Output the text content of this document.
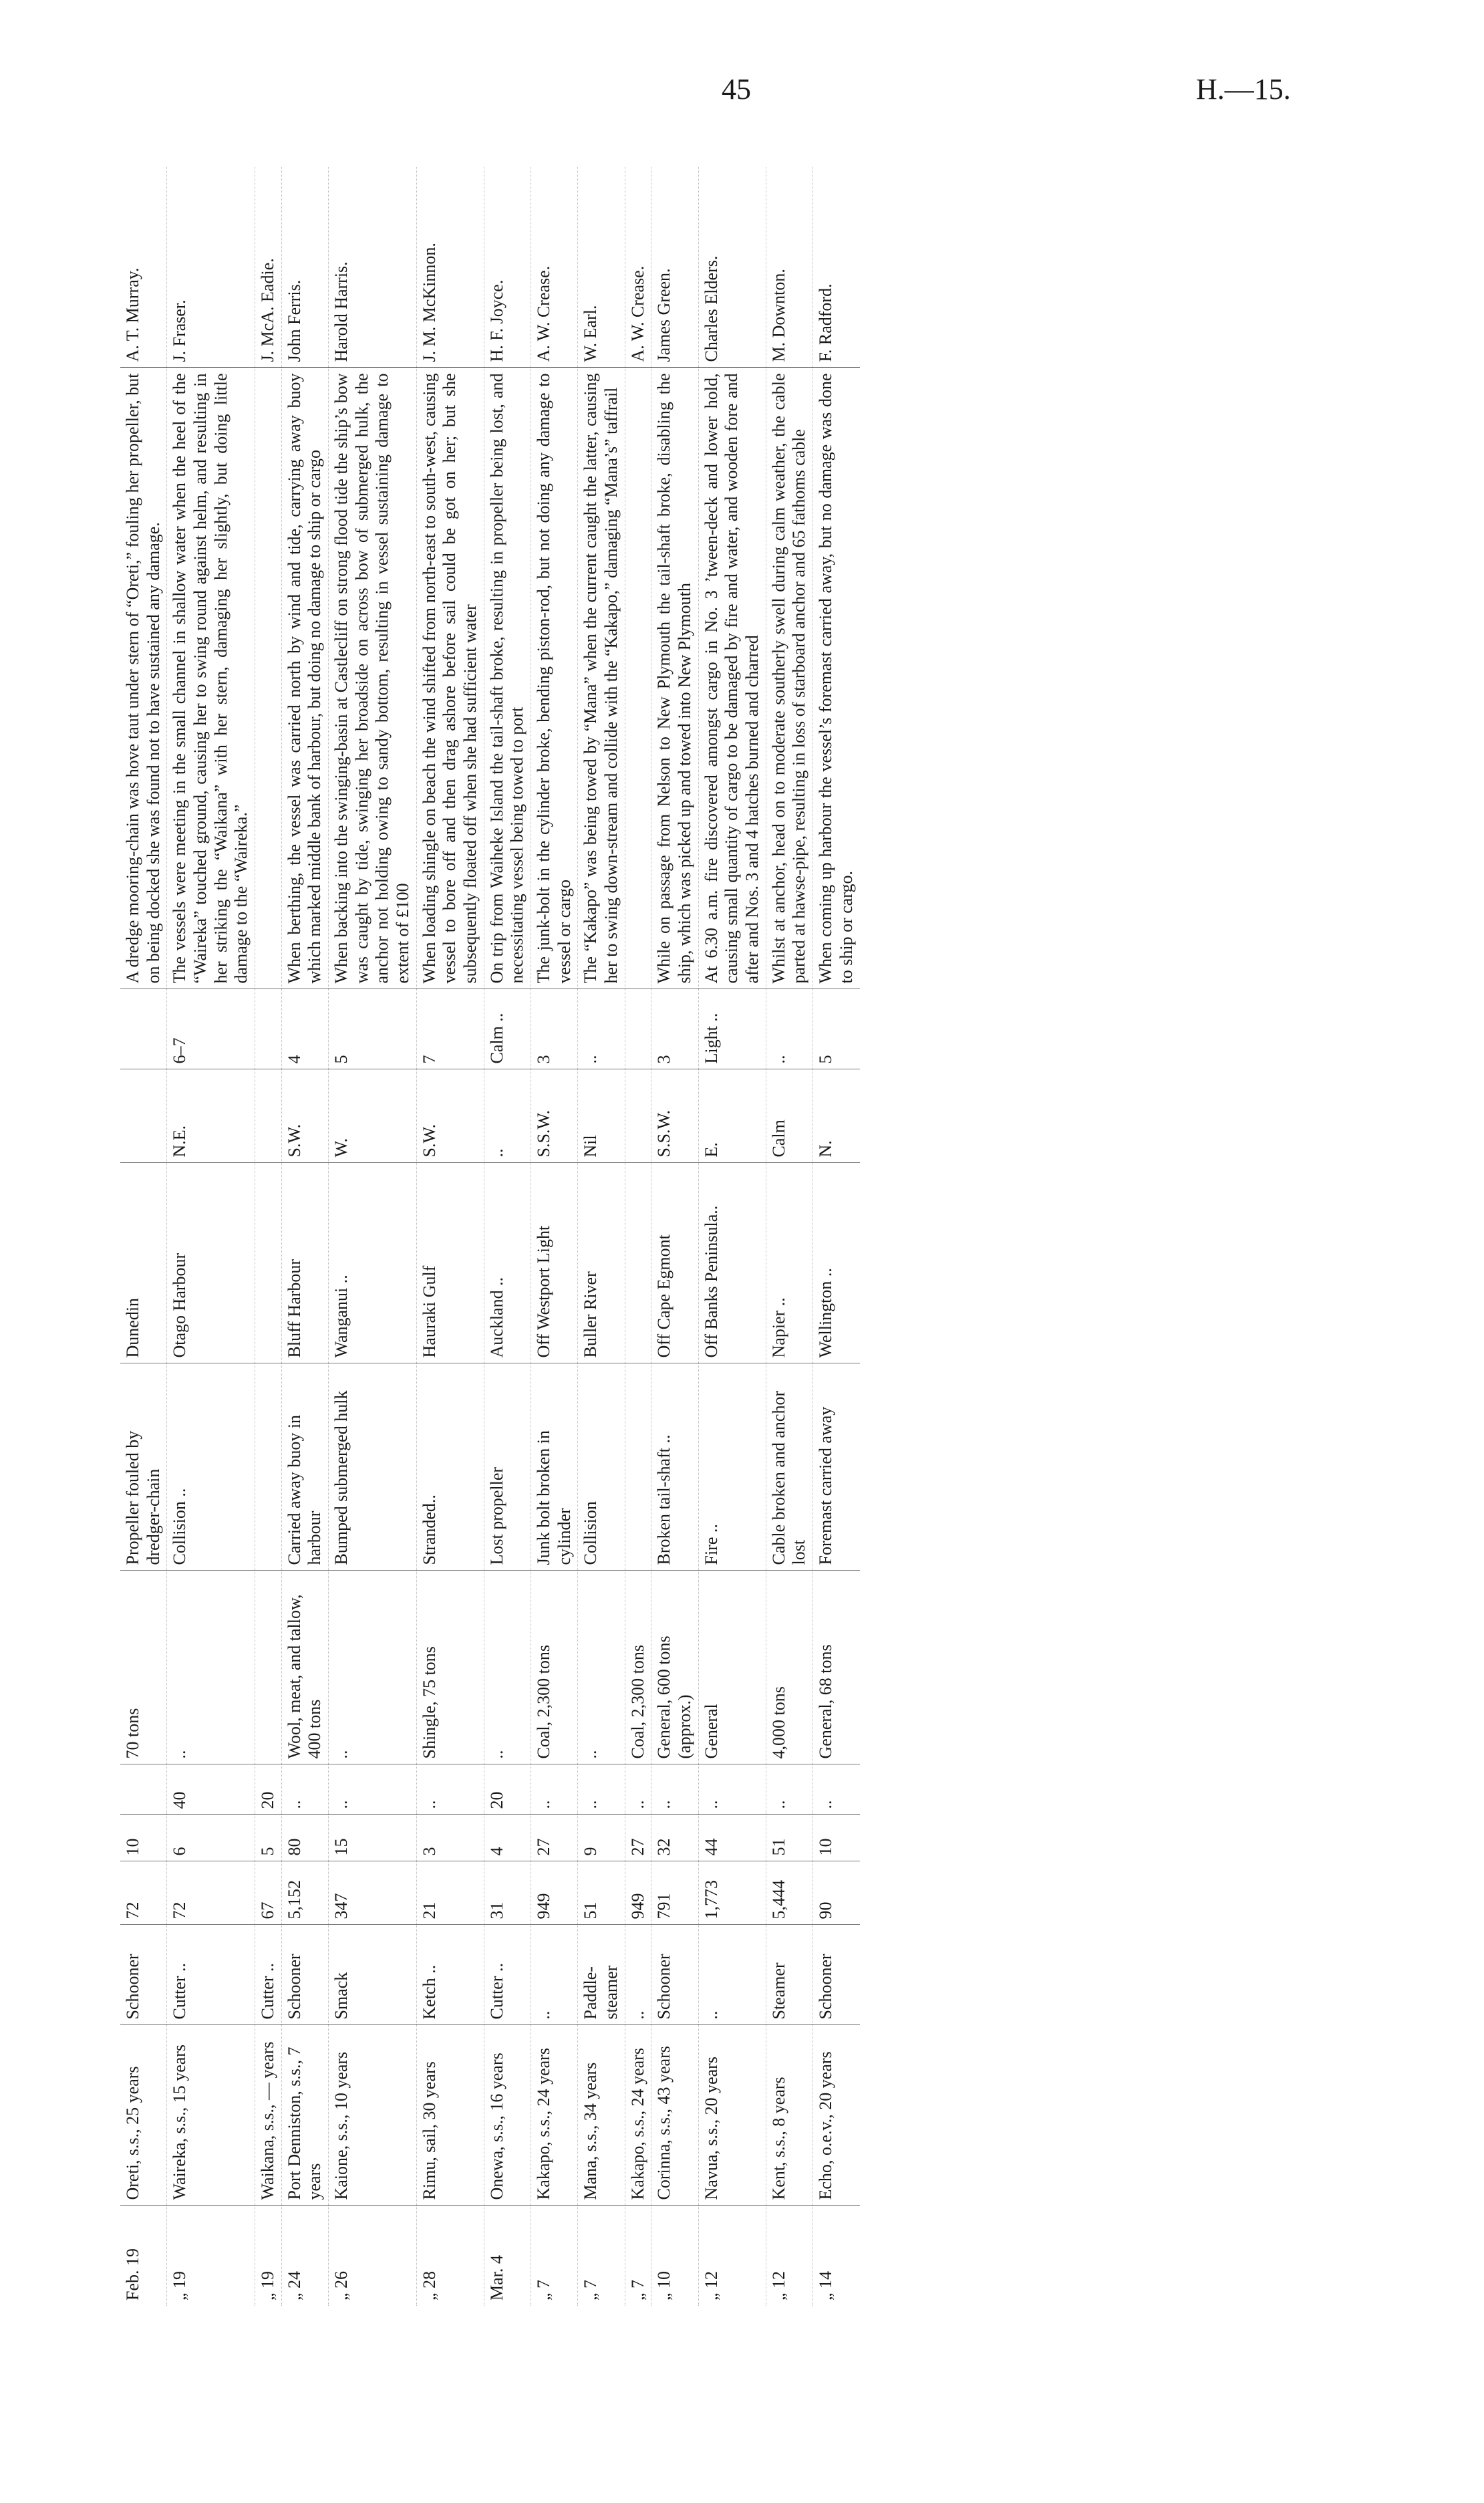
45	H.—15.
Feb. 19	Oreti, s.s., 25 years	Schooner	72	10		70 tons	Propeller fouled by dredger-chain	Dunedin			A dredge mooring-chain was hove taut under stern of “Oreti,” fouling her propeller, but on being docked she was found not to have sustained any damage.	A. T. Murray.
„ 19	Waireka, s.s., 15 years	Cutter ..	72	6	40	..	Collision ..	Otago Harbour	N.E.	6–7	The vessels were meeting in the small channel in shallow water when the heel of the “Waireka” touched ground, causing her to swing round against helm, and resulting in her striking the “Waikana” with her stern, damaging her slightly, but doing little damage to the “Waireka.”	J. Fraser.
„ 19	Waikana, s.s., — years	Cutter ..	67	5	20							J. McA. Eadie.
„ 24	Port Denniston, s.s., 7 years	Schooner	5,152	80	..	Wool, meat, and tallow, 400 tons	Carried away buoy in harbour	Bluff Harbour	S.W.	4	When berthing, the vessel was carried north by wind and tide, carrying away buoy which marked middle bank of harbour, but doing no damage to ship or cargo	John Ferris.
„ 26	Kaione, s.s., 10 years	Smack	347	15	..	..	Bumped submerged hulk	Wanganui ..	W.	5	When backing into the swinging-basin at Castlecliff on strong flood tide the ship’s bow was caught by tide, swinging her broadside on across bow of submerged hulk, the anchor not holding owing to sandy bottom, resulting in vessel sustaining damage to extent of £100	Harold Harris.
„ 28	Rimu, sail, 30 years	Ketch ..	21	3	..	Shingle, 75 tons	Stranded..	Hauraki Gulf	S.W.	7	When loading shingle on beach the wind shifted from north-east to south-west, causing vessel to bore off and then drag ashore before sail could be got on her; but she subsequently floated off when she had sufficient water	J. M. McKinnon.
Mar. 4	Onewa, s.s., 16 years	Cutter ..	31	4	20	..	Lost propeller	Auckland ..	..	Calm ..	On trip from Waiheke Island the tail-shaft broke, resulting in propeller being lost, and necessitating vessel being towed to port	H. F. Joyce.
„ 7	Kakapo, s.s., 24 years	..	949	27	..	Coal, 2,300 tons	Junk bolt broken in cylinder	Off Westport Light	S.S.W.	3	The junk-bolt in the cylinder broke, bending piston-rod, but not doing any damage to vessel or cargo	A. W. Crease.
„ 7	Mana, s.s., 34 years	Paddle-steamer	51	9	..	..	Collision	Buller River	Nil	..	The “Kakapo” was being towed by “Mana” when the current caught the latter, causing her to swing down-stream and collide with the “Kakapo,” damaging “Mana’s” taffrail	W. Earl.
„ 7	Kakapo, s.s., 24 years	..	949	27	..	Coal, 2,300 tons						A. W. Crease.
„ 10	Corinna, s.s., 43 years	Schooner	791	32	..	General, 600 tons (approx.)	Broken tail-shaft ..	Off Cape Egmont	S.S.W.	3	While on passage from Nelson to New Plymouth the tail-shaft broke, disabling the ship, which was picked up and towed into New Plymouth	James Green.
„ 12	Navua, s.s., 20 years	..	1,773	44	..	General	Fire ..	Off Banks Peninsula..	E.	Light ..	At 6.30 a.m. fire discovered amongst cargo in No. 3 ’tween-deck and lower hold, causing small quantity of cargo to be damaged by fire and water, and wooden fore and after and Nos. 3 and 4 hatches burned and charred	Charles Elders.
„ 12	Kent, s.s., 8 years	Steamer	5,444	51	..	4,000 tons	Cable broken and anchor lost	Napier ..	Calm	..	Whilst at anchor, head on to moderate southerly swell during calm weather, the cable parted at hawse-pipe, resulting in loss of starboard anchor and 65 fathoms cable	M. Downton.
„ 14	Echo, o.e.v., 20 years	Schooner	90	10	..	General, 68 tons	Foremast carried away	Wellington ..	N.	5	When coming up harbour the vessel’s foremast carried away, but no damage was done to ship or cargo.	F. Radford.
